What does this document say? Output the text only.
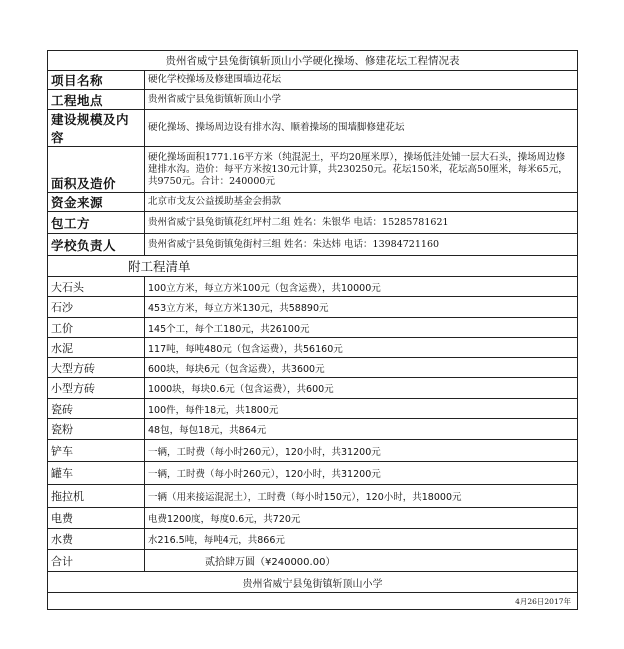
贵州省威宁县兔街镇斩顶山小学硬化操场、修建花坛工程情况表	
项目名称	硬化学校操场及修建围墙边花坛
工程地点	贵州省威宁县兔街镇斩顶山小学
建设规模及内容	硬化操场、操场周边设有排水沟、顺着操场的围墙脚修建花坛
面积及造价	硬化操场面积1771.16平方米（纯混泥土，平均20厘米厚），操场低洼处铺一层大石头，操场周边修建排水沟。造价：每平方米按130元计算，共230250元。花坛150米，花坛高50厘米，每米65元，共9750元。合计：240000元
资金来源	北京市戈友公益援助基金会捐款
包工方	贵州省威宁县兔街镇花红坪村二组 姓名：朱银华 电话：15285781621
学校负责人	贵州省威宁县兔街镇兔街村三组 姓名：朱达炜 电话：13984721160
附工程清单	
大石头	100立方米，每立方米100元（包含运费），共10000元
石沙	453立方米，每立方米130元，共58890元
工价	145个工，每个工180元，共26100元
水泥	117吨，每吨480元（包含运费），共56160元
大型方砖	600块，每块6元（包含运费），共3600元
小型方砖	1000块，每块0.6元（包含运费），共600元
瓷砖	100件，每件18元，共1800元
瓷粉	48包，每包18元，共864元
铲车	一辆，工时费（每小时260元），120小时，共31200元
罐车	一辆，工时费（每小时260元），120小时，共31200元
拖拉机	一辆（用来接运混泥土），工时费（每小时150元），120小时，共18000元
电费	电费1200度，每度0.6元，共720元
水费	水216.5吨，每吨4元，共866元
合计	贰拾肆万圆（¥240000.00）
贵州省威宁县兔街镇斩顶山小学	
4月26日2017年	
